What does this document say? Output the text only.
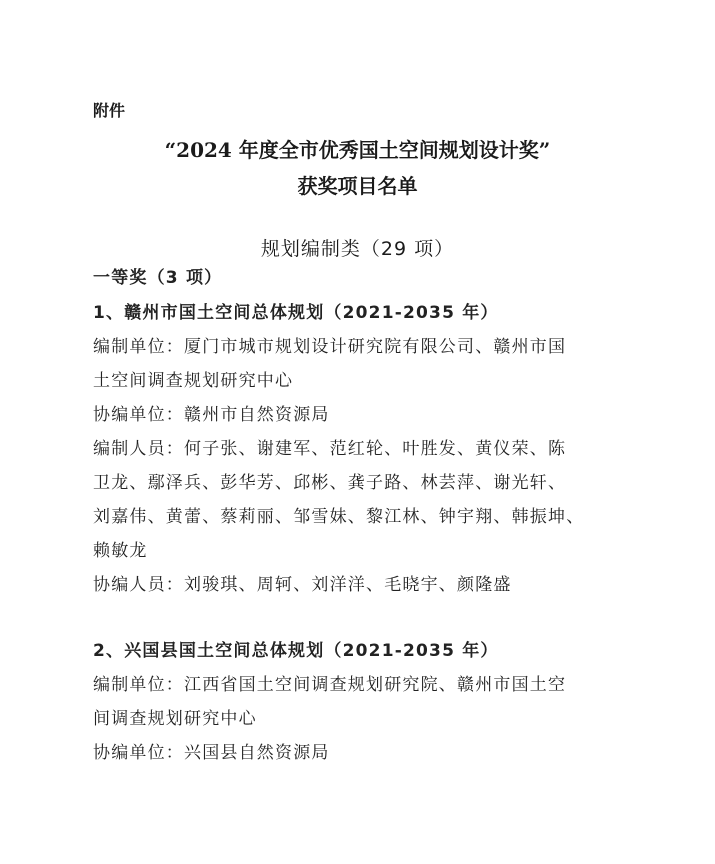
附件
“2024 年度全市优秀国土空间规划设计奖”
获奖项目名单
规划编制类（29 项）
一等奖（3 项）
1、赣州市国土空间总体规划（2021-2035 年）
编制单位：厦门市城市规划设计研究院有限公司、赣州市国
土空间调查规划研究中心
协编单位：赣州市自然资源局
编制人员：何子张、谢建军、范红轮、叶胜发、黄仪荣、陈
卫龙、鄢泽兵、彭华芳、邱彬、龚子路、林芸萍、谢光轩、
刘嘉伟、黄蕾、蔡莉丽、邹雪妹、黎江林、钟宇翔、韩振坤、
赖敏龙
协编人员：刘骏琪、周轲、刘洋洋、毛晓宇、颜隆盛
2、兴国县国土空间总体规划（2021-2035 年）
编制单位：江西省国土空间调查规划研究院、赣州市国土空
间调查规划研究中心
协编单位：兴国县自然资源局
